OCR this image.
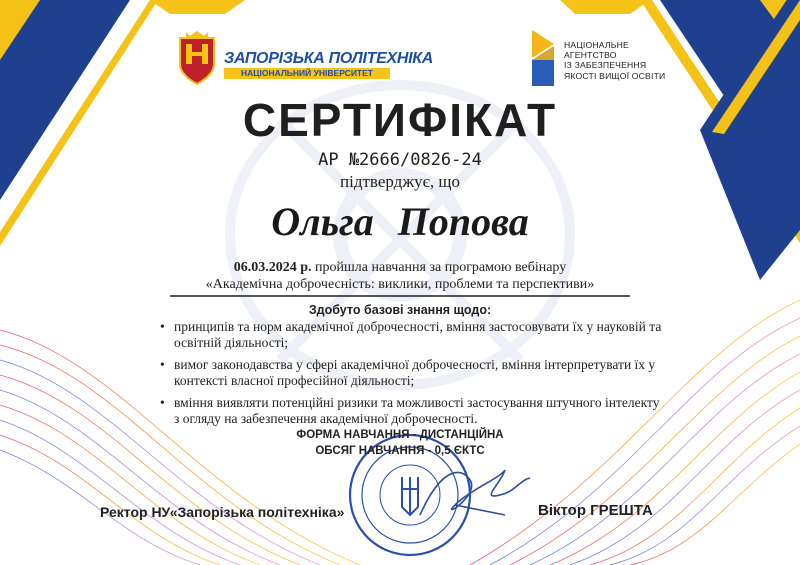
ЗАПОРІЗЬКА ПОЛІТЕХНІКА
НАЦІОНАЛЬНИЙ УНІВЕРСИТЕТ
НАЦІОНАЛЬНЕ
АГЕНТСТВО
ІЗ ЗАБЕЗПЕЧЕННЯ
ЯКОСТІ ВИЩОЇ ОСВІТИ
СЕРТИФІКАТ
АР №2666/0826-24
підтверджує, що
Ольга Попова
06.03.2024 р. пройшла навчання за програмою вебінару
«Академічна доброчесність: виклики, проблеми та перспективи»
Здобуто базові знання щодо:
• принципів та норм академічної доброчесності, вміння застосовувати їх у науковій та освітній діяльності;
• вимог законодавства у сфері академічної доброчесності, вміння інтерпретувати їх у контексті власної професійної діяльності;
• вміння виявляти потенційні ризики та можливості застосування штучного інтелекту з огляду на забезпечення академічної доброчесності.
ФОРМА НАВЧАННЯ - ДИСТАНЦІЙНА
ОБСЯГ НАВЧАННЯ - 0,5 ЄКТС
Ректор НУ«Запорізька політехніка»	Віктор ГРЕШТА
